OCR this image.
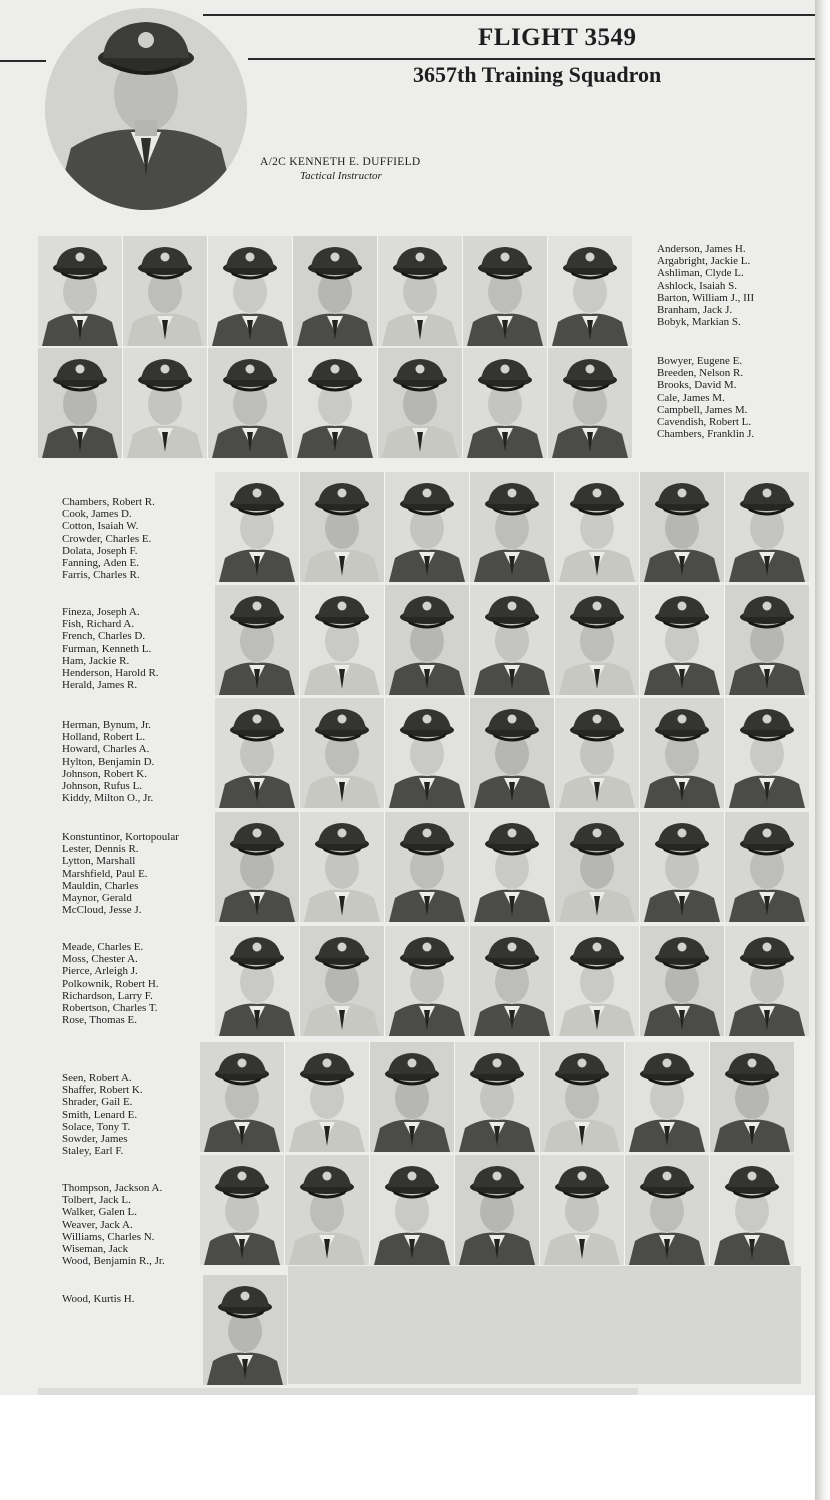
FLIGHT 3549
3657th Training Squadron
A/2C KENNETH E. DUFFIELD
Tactical Instructor
Anderson, James H.
Argabright, Jackie L.
Ashliman, Clyde L.
Ashlock, Isaiah S.
Barton, William J., III
Branham, Jack J.
Bobyk, Markian S.
Bowyer, Eugene E.
Breeden, Nelson R.
Brooks, David M.
Cale, James M.
Campbell, James M.
Cavendish, Robert L.
Chambers, Franklin J.
Chambers, Robert R.
Cook, James D.
Cotton, Isaiah W.
Crowder, Charles E.
Dolata, Joseph F.
Fanning, Aden E.
Farris, Charles R.
Fineza, Joseph A.
Fish, Richard A.
French, Charles D.
Furman, Kenneth L.
Ham, Jackie R.
Henderson, Harold R.
Herald, James R.
Herman, Bynum, Jr.
Holland, Robert L.
Howard, Charles A.
Hylton, Benjamin D.
Johnson, Robert K.
Johnson, Rufus L.
Kiddy, Milton O., Jr.
Konstuntinor, Kortopoular
Lester, Dennis R.
Lytton, Marshall
Marshfield, Paul E.
Mauldin, Charles
Maynor, Gerald
McCloud, Jesse J.
Meade, Charles E.
Moss, Chester A.
Pierce, Arleigh J.
Polkownik, Robert H.
Richardson, Larry F.
Robertson, Charles T.
Rose, Thomas E.
Seen, Robert A.
Shaffer, Robert K.
Shrader, Gail E.
Smith, Lenard E.
Solace, Tony T.
Sowder, James
Staley, Earl F.
Thompson, Jackson A.
Tolbert, Jack L.
Walker, Galen L.
Weaver, Jack A.
Williams, Charles N.
Wiseman, Jack
Wood, Benjamin R., Jr.
Wood, Kurtis H.
